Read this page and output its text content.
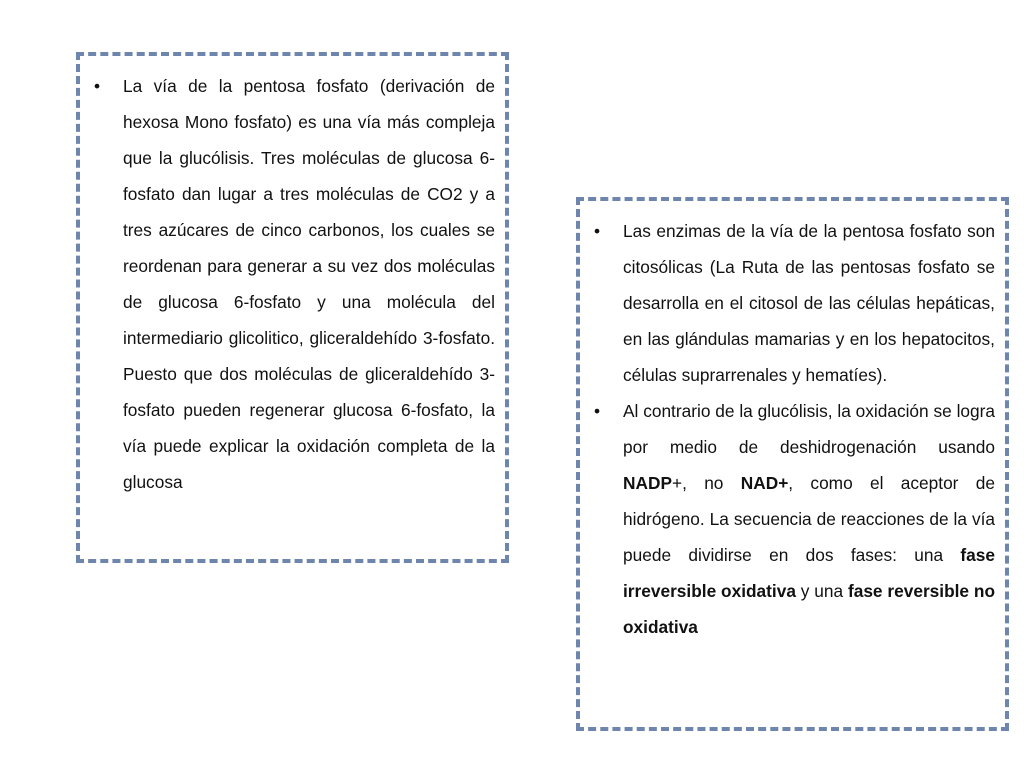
•	La vía de la pentosa fosfato (derivación de hexosa Mono fosfato) es una vía más compleja que la glucólisis. Tres moléculas de glucosa 6-fosfato dan lugar a tres moléculas de CO2 y a tres azúcares de cinco carbonos, los cuales se reordenan para generar a su vez dos moléculas de glucosa 6-fosfato y una molécula del intermediario glicolitico, gliceraldehído 3-fosfato. Puesto que dos moléculas de gliceraldehído 3-fosfato pueden regenerar glucosa 6-fosfato, la vía puede explicar la oxidación completa de la glucosa
•	Las enzimas de la vía de la pentosa fosfato son citosólicas (La Ruta de las pentosas fosfato se desarrolla en el citosol de las células hepáticas, en las glándulas mamarias y en los hepatocitos, células suprarrenales y hematíes).
•	Al contrario de la glucólisis, la oxidación se logra por medio de deshidrogenación usando NADP+, no NAD+, como el aceptor de hidrógeno. La secuencia de reacciones de la vía puede dividirse en dos fases: una fase irreversible oxidativa y una fase reversible no oxidativa
